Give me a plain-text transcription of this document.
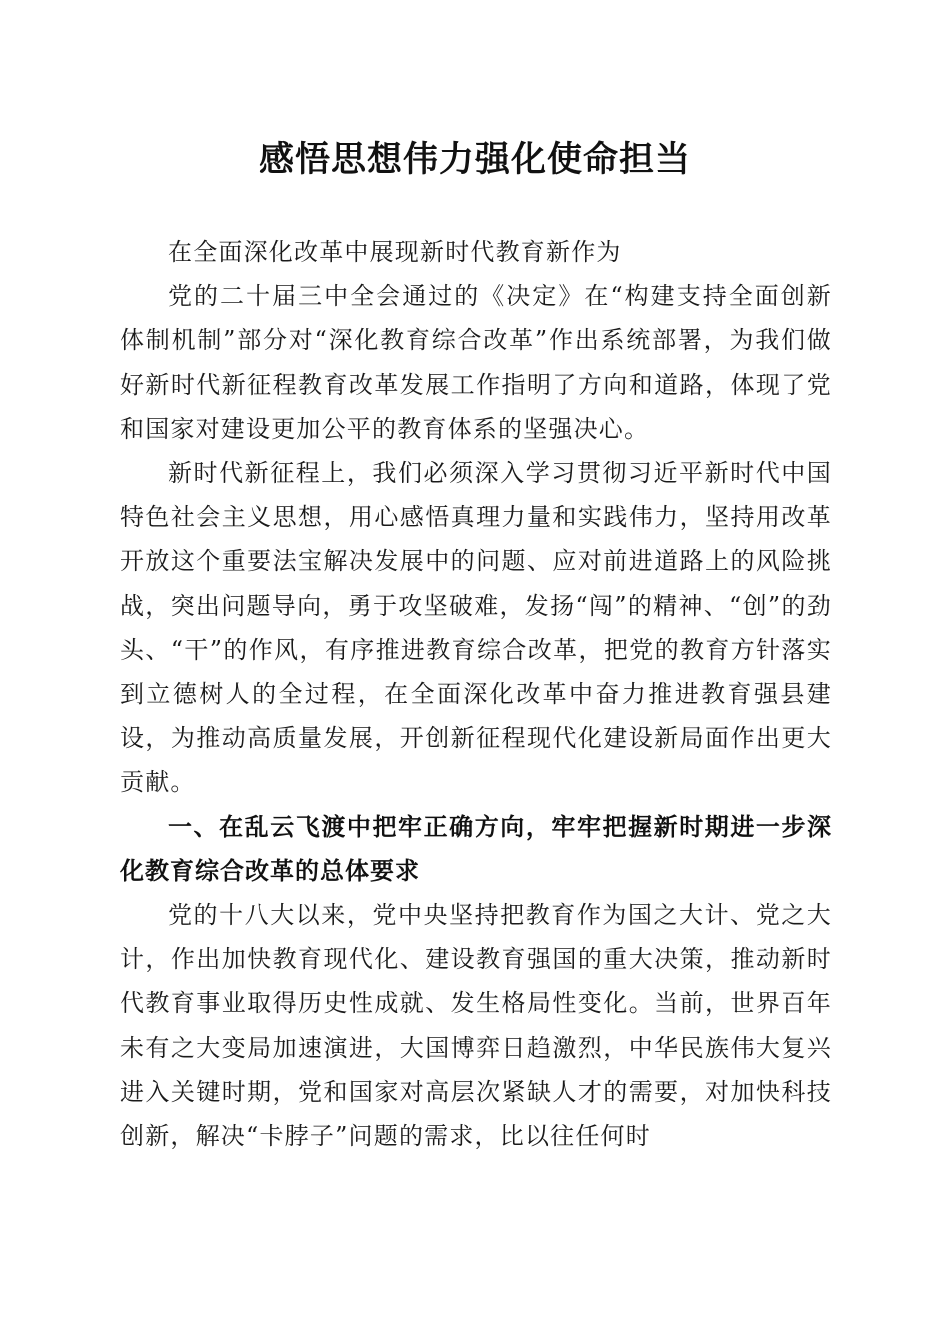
感悟思想伟力强化使命担当

在全面深化改革中展现新时代教育新作为

党的二十届三中全会通过的《决定》在“构建支持全面创新体制机制”部分对“深化教育综合改革”作出系统部署，为我们做好新时代新征程教育改革发展工作指明了方向和道路，体现了党和国家对建设更加公平的教育体系的坚强决心。

新时代新征程上，我们必须深入学习贯彻习近平新时代中国特色社会主义思想，用心感悟真理力量和实践伟力，坚持用改革开放这个重要法宝解决发展中的问题、应对前进道路上的风险挑战，突出问题导向，勇于攻坚破难，发扬“闯”的精神、“创”的劲头、“干”的作风，有序推进教育综合改革，把党的教育方针落实到立德树人的全过程，在全面深化改革中奋力推进教育强县建设，为推动高质量发展，开创新征程现代化建设新局面作出更大贡献。

一、在乱云飞渡中把牢正确方向，牢牢把握新时期进一步深化教育综合改革的总体要求

党的十八大以来，党中央坚持把教育作为国之大计、党之大计，作出加快教育现代化、建设教育强国的重大决策，推动新时代教育事业取得历史性成就、发生格局性变化。当前，世界百年未有之大变局加速演进，大国博弈日趋激烈，中华民族伟大复兴进入关键时期，党和国家对高层次紧缺人才的需要，对加快科技创新，解决“卡脖子”问题的需求，比以往任何时
